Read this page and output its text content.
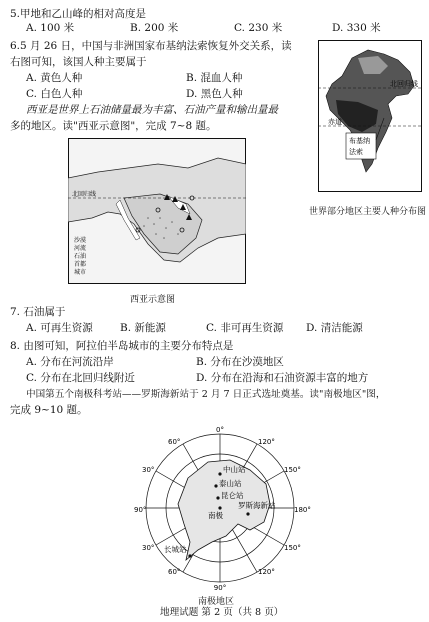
5.甲地和乙山峰的相对高度是
A. 100 米	B. 200 米	C. 230 米	D. 330 米
6.5 月 26 日，中国与非洲国家布基纳法索恢复外交关系，读
右图可知，该国人种主要属于
A. 黄色人种	B. 混血人种
C. 白色人种	D. 黑色人种
西亚是世界上石油储量最为丰富、石油产量和输出量最
多的地区。读"西亚示意图"，完成 7~8 题。
北回归线
赤道
布基纳
法索
世界部分地区主要人种分布图
北回归线
沙漠
河流
石油
首都
城市
西亚示意图
7. 石油属于
A. 可再生资源	B. 新能源	C. 非可再生资源 D. 清洁能源
8. 由图可知，阿拉伯半岛城市的主要分布特点是
A. 分布在河流沿岸	B. 分布在沙漠地区
C. 分布在北回归线附近	D. 分布在沿海和石油资源丰富的地方
中国第五个南极科考站——罗斯海新站于 2 月 7 日正式选址奠基。读"南极地区"图，
完成 9~10 题。
0°
60°	120°
30°	150°
180°
150°
30°
60°	120°
90°
90°
中山站
泰山站
昆仑站
南极
罗斯海新站
长城站
南极地区
地理试题 第 2 页（共 8 页）
